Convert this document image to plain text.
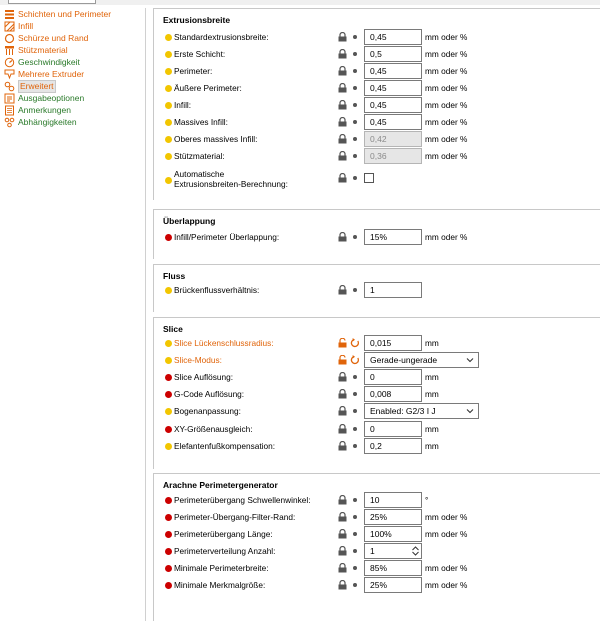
Schichten und Perimeter
Infill
Schürze und Rand
Stützmaterial
Geschwindigkeit
Mehrere Extruder
Erweitert
Ausgabeoptionen
Anmerkungen
Abhängigkeiten
Extrusionsbreite
Überlappung
Fluss
Slice
Arachne Perimetergenerator
Standardextrusionsbreite:
0,45	mm oder %
Erste Schicht:
0,5	mm oder %
Perimeter:
0,45	mm oder %
Äußere Perimeter:
0,45	mm oder %
Infill:
0,45	mm oder %
Massives Infill:
0,45	mm oder %
Oberes massives Infill:
0,42	mm oder %
Stützmaterial:
0,36	mm oder %
Automatische
Extrusionsbreiten-Berechnung:
Infill/Perimeter Überlappung:
15%	mm oder %
Brückenflussverhältnis:
1
Slice Lückenschlussradius:
0,015	mm
Slice-Modus:	Gerade-ungerade
Slice Auflösung:
0	mm
G-Code Auflösung:
0,008	mm
Bogenanpassung:	Enabled: G2/3 I J
XY-Größenausgleich:
0	mm
Elefantenfußkompensation:
0,2	mm
Perimeterübergang Schwellenwinkel:
10	°
Perimeter-Übergang-Filter-Rand:
25%	mm oder %
Perimeterübergang Länge:
100%	mm oder %
Perimeterverteilung Anzahl:	1
Minimale Perimeterbreite:
85%	mm oder %
Minimale Merkmalgröße:
25%	mm oder %
